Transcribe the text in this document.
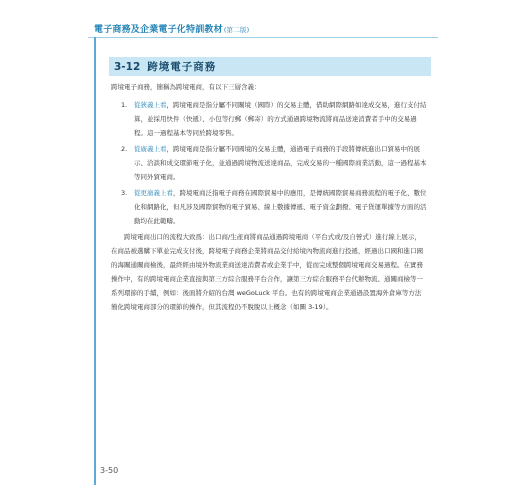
電子商務及企業電子化特訓教材(第二版)
3-12 跨境電子商務

跨境電子商務，簡稱為跨境電商，有以下三層含義：

1. 從狹義上看，跨境電商是指分屬不同關境（國際）的交易主體，借助網際網路如達成交易，進行支付結算，並採用快件（快遞）、小包等行郵（郵寄）的方式通過跨境物流將商品送達消費者手中的交易過程。這一過程基本等同於跨境零售。
2. 從廣義上看，跨境電商是指分屬不同國境的交易主體，通過電子商務的手段將傳統進出口貿易中的展示、洽談和成交環節電子化，並通過跨境物流送達商品，完成交易的一種國際商業活動，這一過程基本等同外貿電商。
3. 從更廣義上看，跨境電商泛指電子商務在國際貿易中的應用，是傳統國際貿易商務流程的電子化、數位化和網路化，但凡涉及國際貿物的電子貿易、線上數據傳遞、電子資金劃撥、電子貨運單據等方面的活動均在此範疇。

跨境電商出口的流程大致爲：出口商/生產商將商品通過跨境電商（平台式或/及自營式）進行線上展示，在商品被選購下單並完成支付後，跨境電子商務企業將商品交付給境內物流商進行投遞，經過出口國和進口國的海關通關商檢後，最終經由境外物流業商送達消費者或企業手中，從而完成整個跨境電商交易過程。在實務操作中，有的跨境電商企業直接與第三方綜合服務平台合作，讓第三方綜合服務平台代辦物流、通關商檢等一系列環節的手續，例如：後面將介紹的台灣 weGoLuck 平台。也有的跨境電商企業通過設置海外倉庫等方法簡化跨境電商部分的環節的操作，但其流程仍不脫脫以上概念（如圖 3-19）。

3-50
